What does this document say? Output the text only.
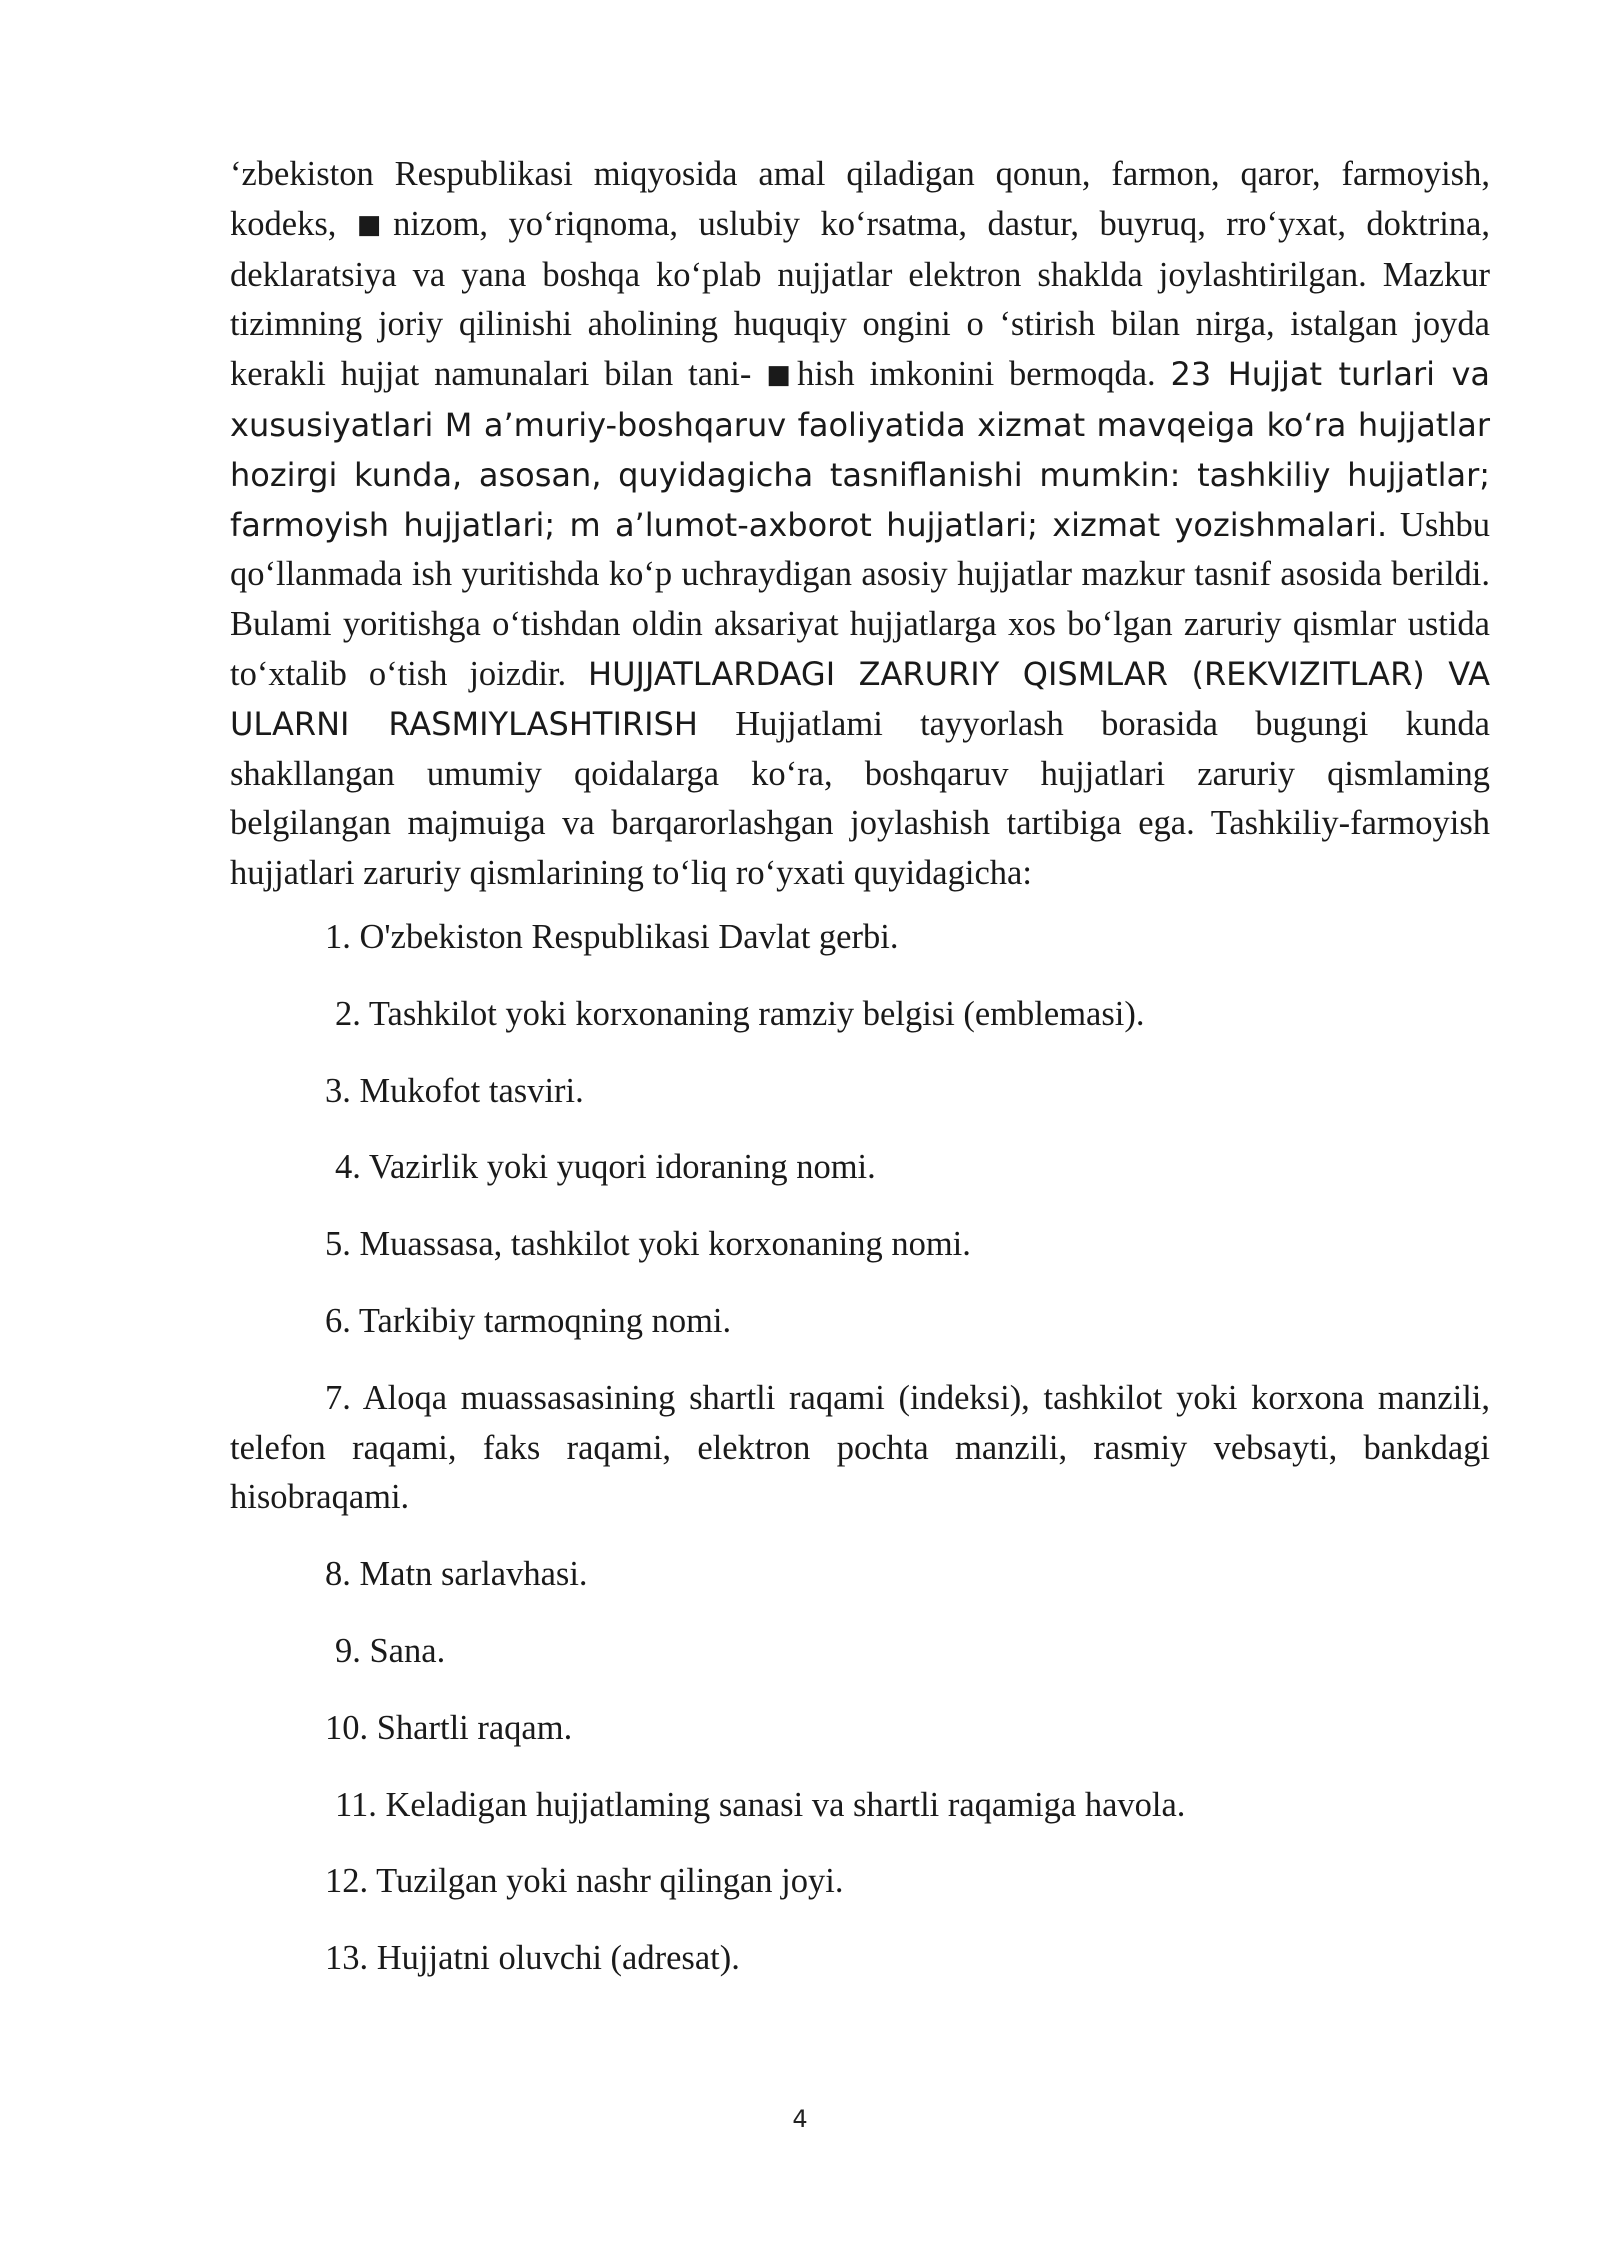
‘zbekiston Respublikasi miqyosida amal qiladigan qonun, farmon, qaror, farmoyish, kodeks, ■nizom, yo‘riqnoma, uslubiy ko‘rsatma, dastur, buyruq, rro‘yxat, doktrina, deklaratsiya va yana boshqa ko‘plab nujjatlar elektron shaklda joylashtirilgan. Mazkur tizimning joriy qilinishi aholining huquqiy ongini o ‘stirish bilan nirga, istalgan joyda kerakli hujjat namunalari bilan tani- ■hish imkonini bermoqda. 23 Hujjat turlari va xususiyatlari M a’muriy-boshqaruv faoliyatida xizmat mavqeiga ko‘ra hujjatlar hozirgi kunda, asosan, quyidagicha tasniflanishi mumkin: tashkiliy hujjatlar; farmoyish hujjatlari; m a’lumot-axborot hujjatlari; xizmat yozishmalari. Ushbu qo‘llanmada ish yuritishda ko‘p uchraydigan asosiy hujjatlar mazkur tasnif asosida berildi. Bulami yoritishga o‘tishdan oldin aksariyat hujjatlarga xos bo‘lgan zaruriy qismlar ustida to‘xtalib o‘tish joizdir. HUJJATLARDAGI ZARURIY QISMLAR (REKVIZITLAR) VA ULARNI RASMIYLASHTIRISH Hujjatlami tayyorlash borasida bugungi kunda shakllangan umumiy qoidalarga ko‘ra, boshqaruv hujjatlari zaruriy qismlaming belgilangan majmuiga va barqarorlashgan joylashish tartibiga ega. Tashkiliy-farmoyish hujjatlari zaruriy qismlarining to‘liq ro‘yxati quyidagicha:

1. O'zbekiston Respublikasi Davlat gerbi.
2. Tashkilot yoki korxonaning ramziy belgisi (emblemasi).
3. Mukofot tasviri.
4. Vazirlik yoki yuqori idoraning nomi.
5. Muassasa, tashkilot yoki korxonaning nomi.
6. Tarkibiy tarmoqning nomi.
7. Aloqa muassasasining shartli raqami (indeksi), tashkilot yoki korxona manzili, telefon raqami, faks raqami, elektron pochta manzili, rasmiy vebsayti, bankdagi hisobraqami.
8. Matn sarlavhasi.
9. Sana.
10. Shartli raqam.
11. Keladigan hujjatlaming sanasi va shartli raqamiga havola.
12. Tuzilgan yoki nashr qilingan joyi.
13. Hujjatni oluvchi (adresat).
4
